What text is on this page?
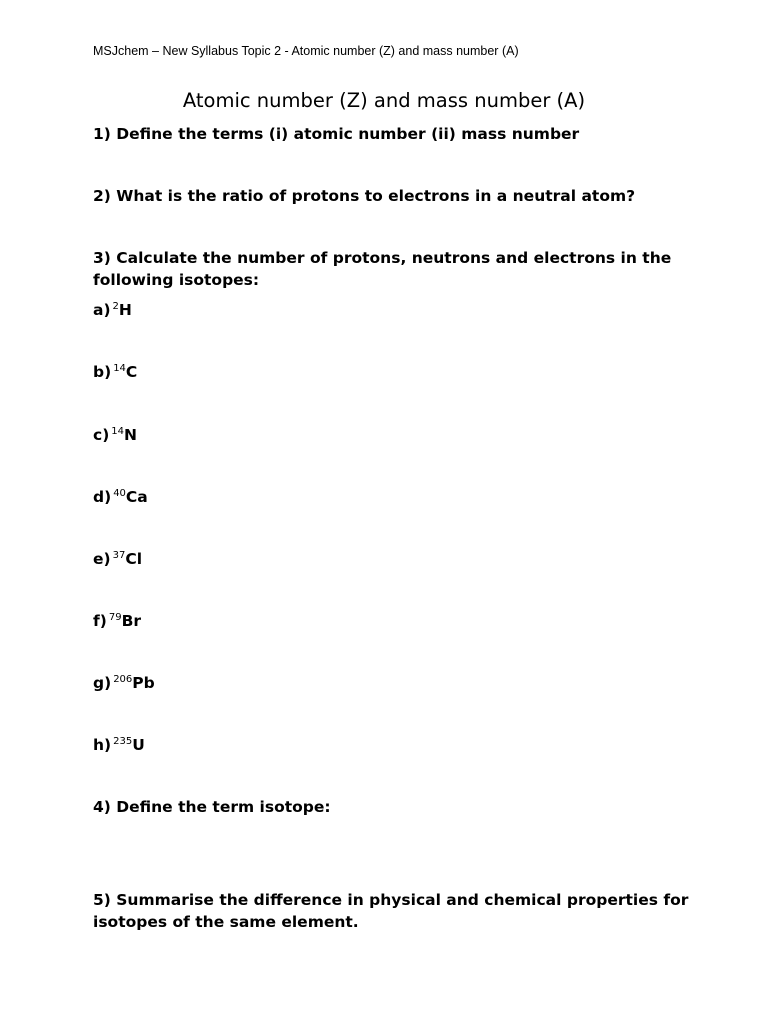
MSJchem – New Syllabus Topic 2 - Atomic number (Z) and mass number (A)
Atomic number (Z) and mass number (A)
1) Define the terms (i) atomic number (ii) mass number
2) What is the ratio of protons to electrons in a neutral atom?
3) Calculate the number of protons, neutrons and electrons in the following isotopes:
a) $^2$H
b) $^{14}$C
c) $^{14}$N
d) $^{40}$Ca
e) $^{37}$Cl
f) $^{79}$Br
g) $^{206}$Pb
h) $^{235}$U
4) Define the term isotope:
5) Summarise the difference in physical and chemical properties for isotopes of the same element.
